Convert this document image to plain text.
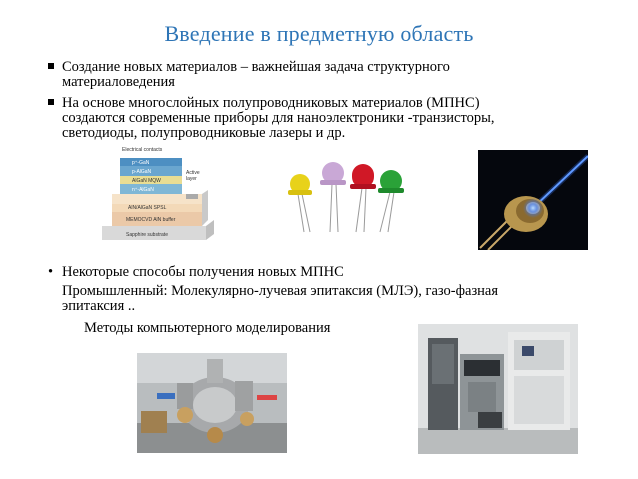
Введение в предметную область
Создание новых материалов – важнейшая задача структурного
материаловедения
На основе многослойных полупроводниковых материалов (МПНС)
создаются современные приборы для наноэлектроники -транзисторы,
светодиоды, полупроводниковые лазеры и др.
Electrical contacts
Active
layer
p⁺-GaN
p-AlGaN
AlGaN MQW
n⁺-AlGaN
AlN/AlGaN SPSL
MEMOCVD AlN buffer
Sapphire substrate
• Некоторые способы получения новых МПНС
Промышленный: Молекулярно-лучевая эпитаксия (МЛЭ), газо-фазная
эпитаксия ..
Методы компьютерного моделирования
